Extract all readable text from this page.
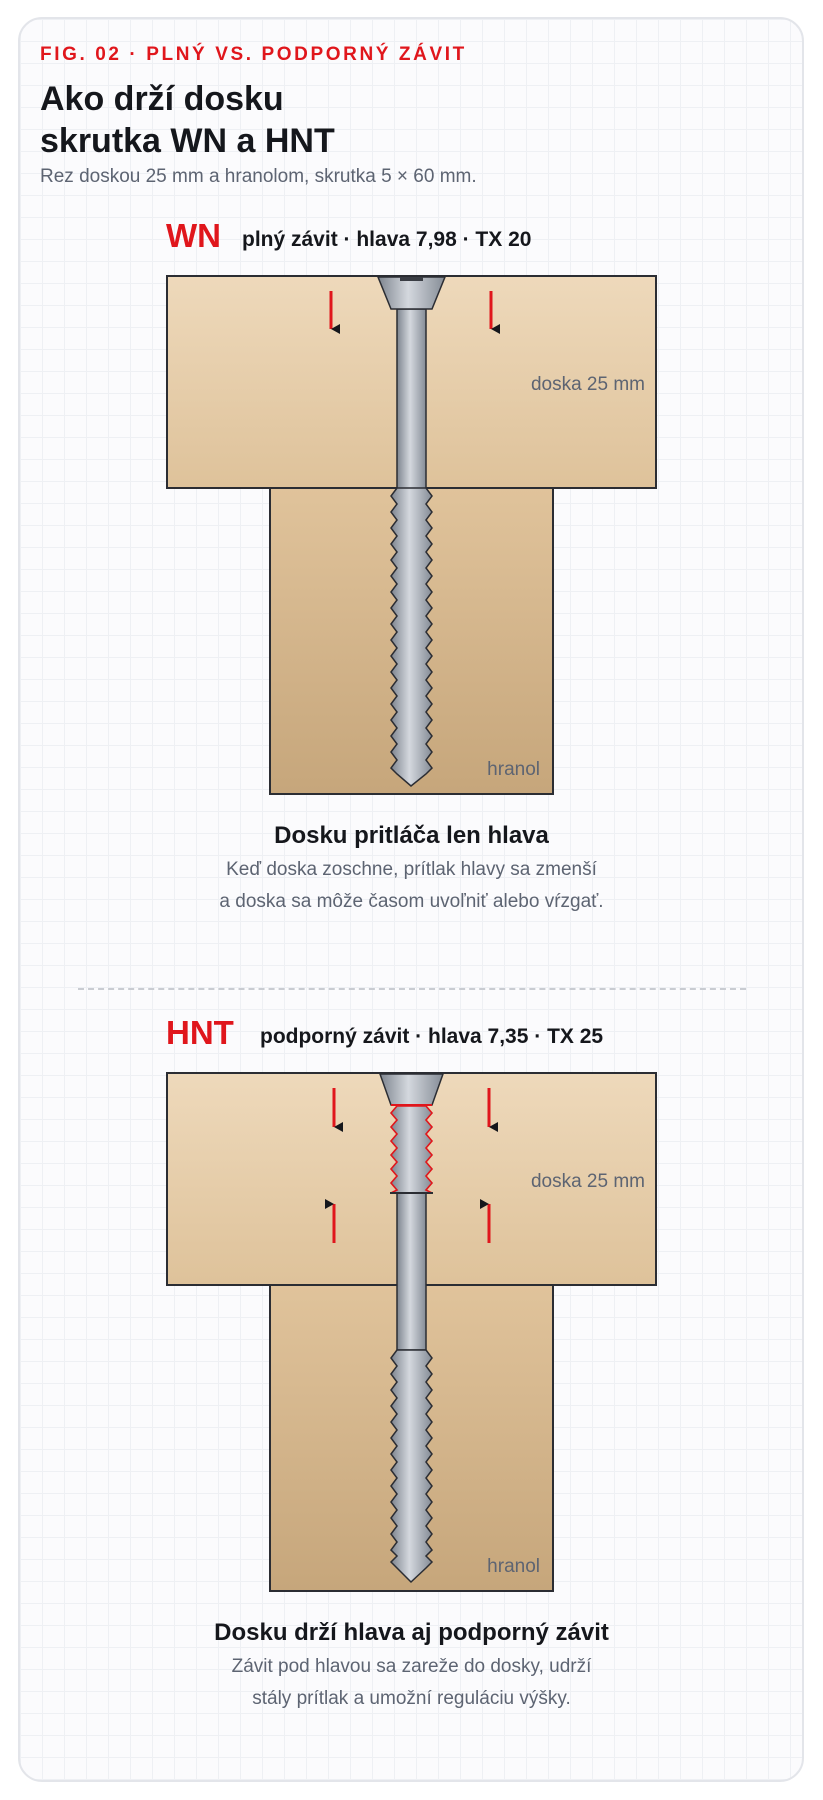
FIG. 02 · PLNÝ VS. PODPORNÝ ZÁVIT

Ako drží dosku
skrutka WN a HNT

Rez doskou 25 mm a hranolom, skrutka 5 × 60 mm.

WN plný závit · hlava 7,98 · TX 20

doska 25 mm
hranol

Dosku pritláča len hlava

Keď doska zoschne, prítlak hlavy sa zmenší

a doska sa môže časom uvoľniť alebo vŕzgať.

HNT podporný závit · hlava 7,35 · TX 25

doska 25 mm
hranol

Dosku drží hlava aj podporný závit

Závit pod hlavou sa zareže do dosky, udrží

stály prítlak a umožní reguláciu výšky.
